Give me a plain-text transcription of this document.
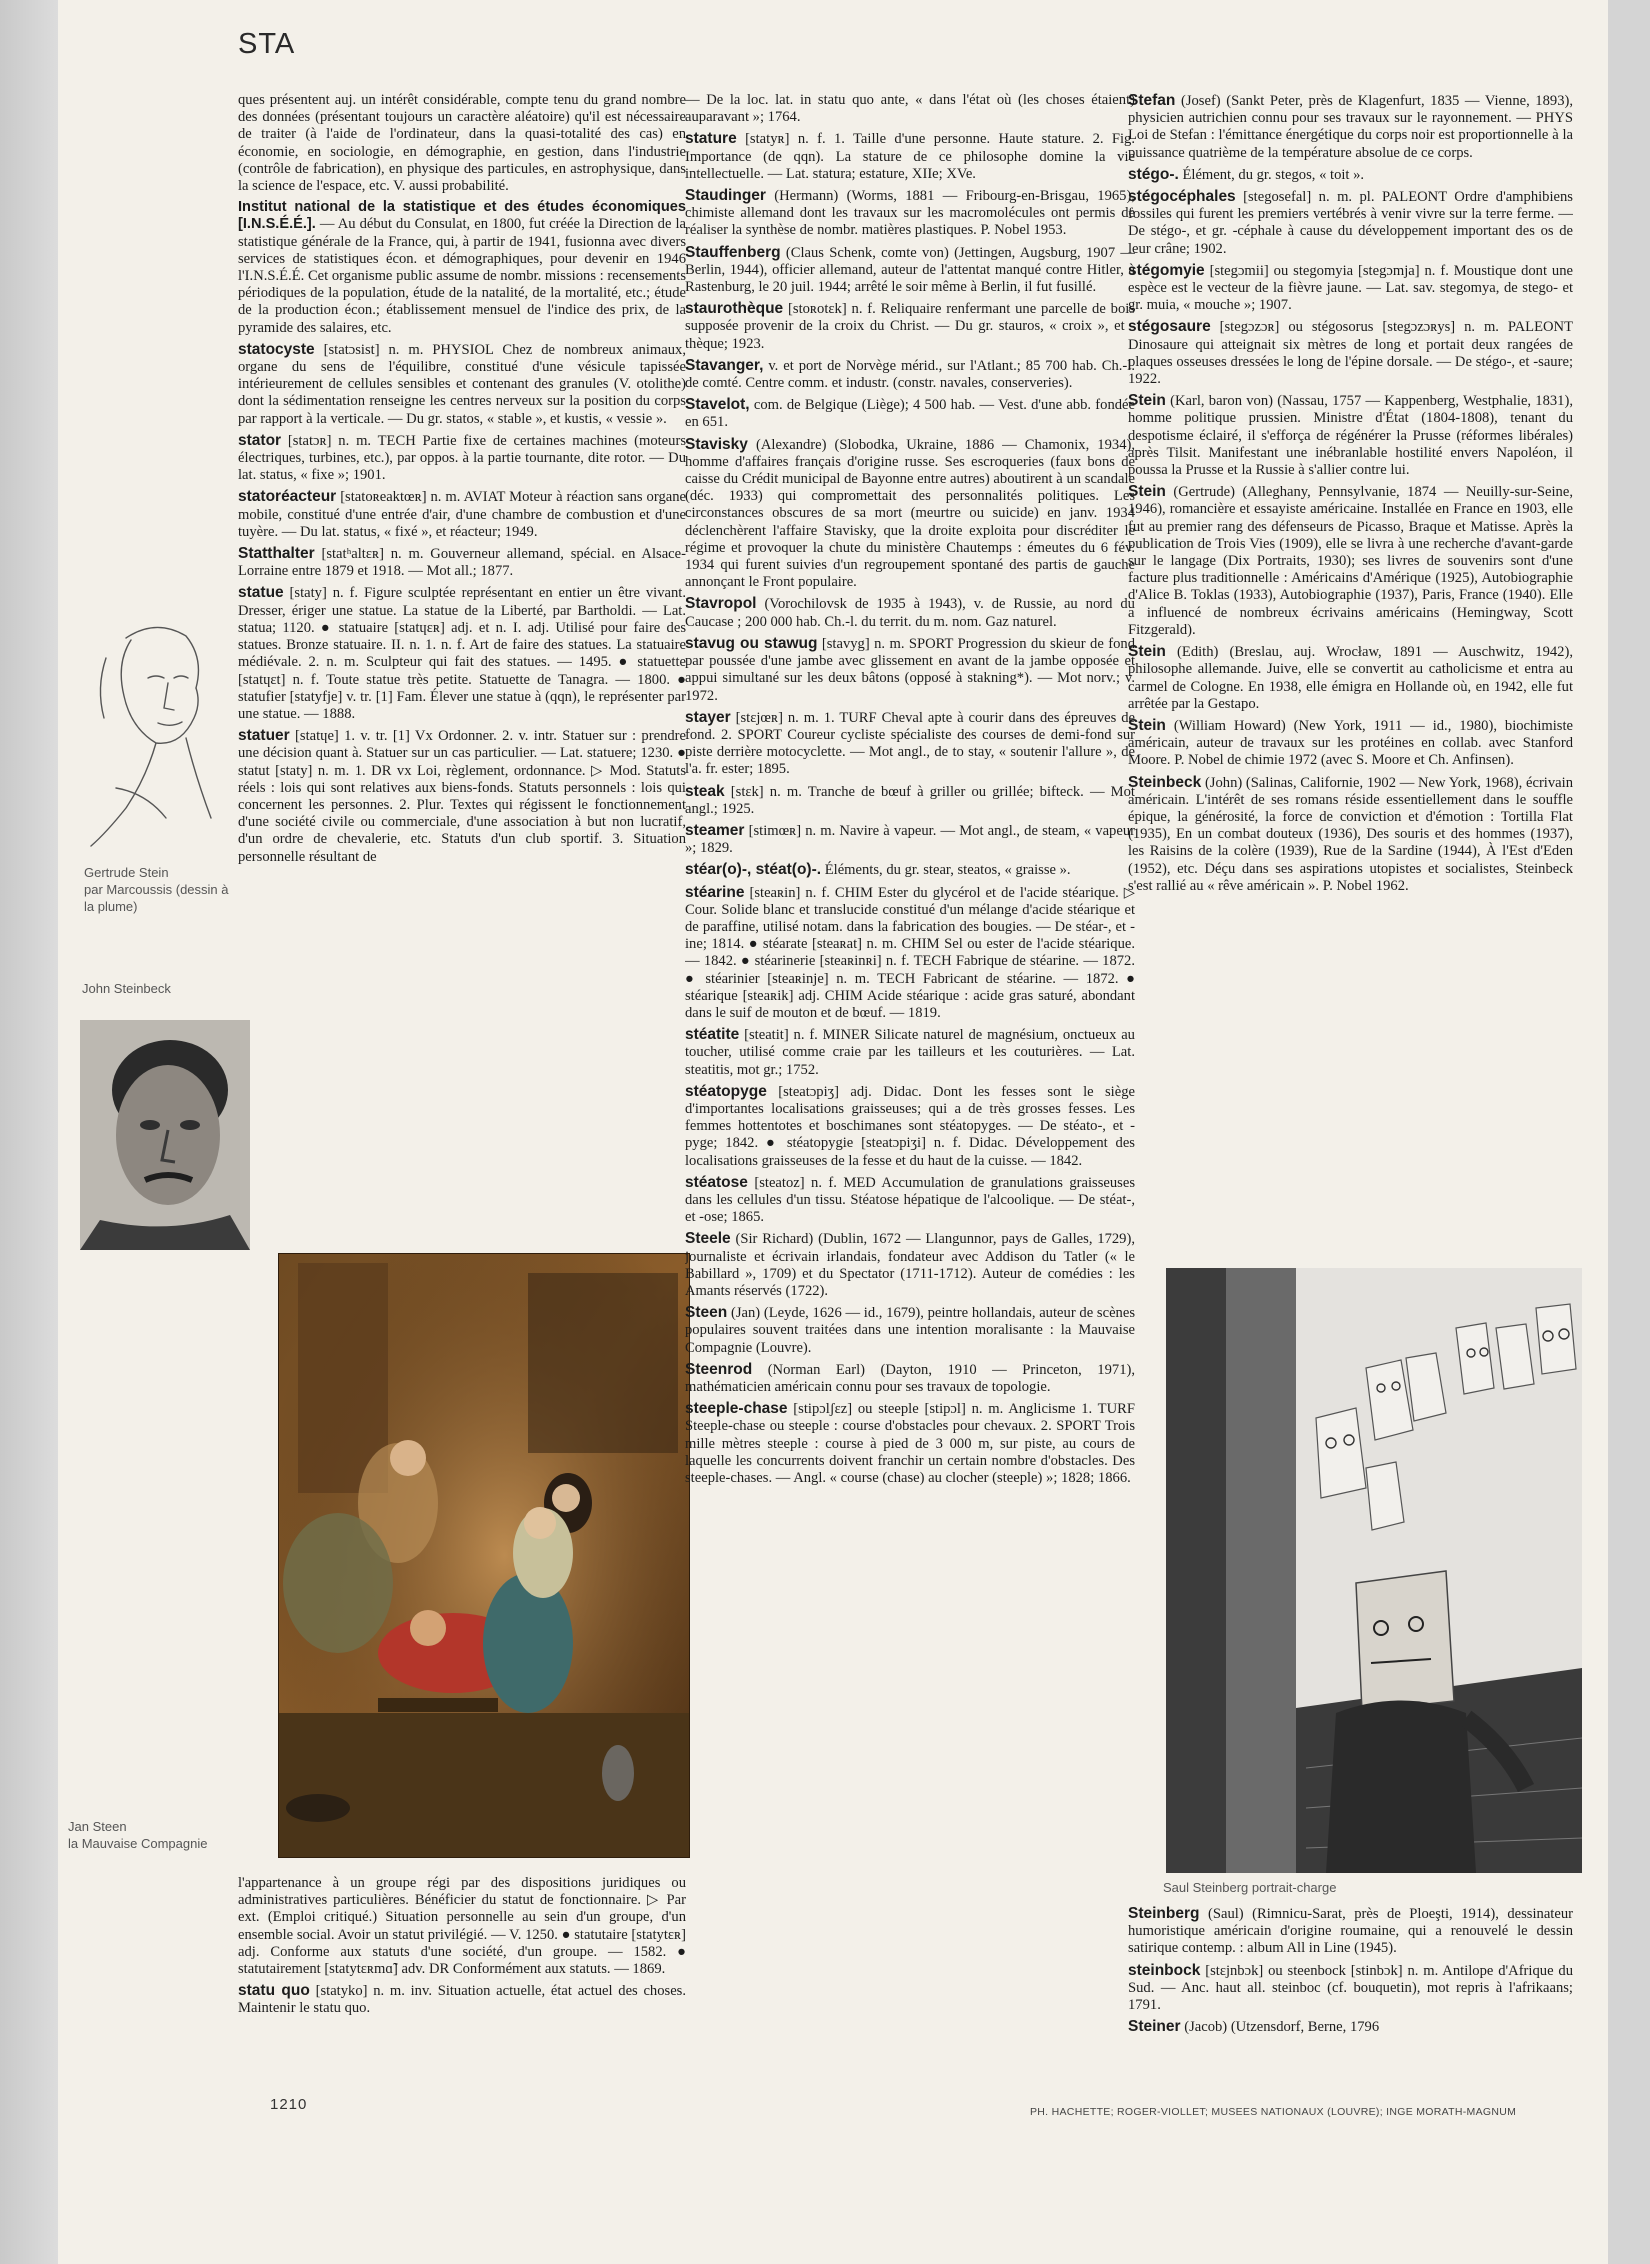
STA

ques présentent auj. un intérêt considérable, compte tenu du grand nombre des données (présentant toujours un caractère aléatoire) qu'il est nécessaire de traiter (à l'aide de l'ordinateur, dans la quasi-totalité des cas) en économie, en sociologie, en démographie, en gestion, dans l'industrie (contrôle de fabrication), en physique des particules, en astrophysique, dans la science de l'espace, etc. V. aussi probabilité.

Institut national de la statistique et des études économiques [I.N.S.É.É.]. — Au début du Consulat, en 1800, fut créée la Direction de la statistique générale de la France, qui, à partir de 1941, fusionna avec divers services de statistiques écon. et démographiques, pour devenir en 1946 l'I.N.S.É.É. Cet organisme public assume de nombr. missions : recensements périodiques de la population, étude de la natalité, de la mortalité, etc.; étude de la production écon.; établissement mensuel de l'indice des prix, de la pyramide des salaires, etc.

statocyste [statɔsist] n. m. PHYSIOL Chez de nombreux animaux, organe du sens de l'équilibre, constitué d'une vésicule tapissée intérieurement de cellules sensibles et contenant des granules (V. otolithe) dont la sédimentation renseigne les centres nerveux sur la position du corps par rapport à la verticale. — Du gr. statos, « stable », et kustis, « vessie ».

stator [statɔʀ] n. m. TECH Partie fixe de certaines machines (moteurs électriques, turbines, etc.), par oppos. à la partie tournante, dite rotor. — Du lat. status, « fixe »; 1901.

statoréacteur [statoʀeaktœʀ] n. m. AVIAT Moteur à réaction sans organe mobile, constitué d'une entrée d'air, d'une chambre de combustion et d'une tuyère. — Du lat. status, « fixé », et réacteur; 1949.

Statthalter [statʰaltɛʀ] n. m. Gouverneur allemand, spécial. en Alsace-Lorraine entre 1879 et 1918. — Mot all.; 1877.

statue [staty] n. f. Figure sculptée représentant en entier un être vivant. Dresser, ériger une statue. La statue de la Liberté, par Bartholdi. — Lat. statua; 1120. ● statuaire [statɥɛʀ] adj. et n. I. adj. Utilisé pour faire des statues. Bronze statuaire. II. n. 1. n. f. Art de faire des statues. La statuaire médiévale. 2. n. m. Sculpteur qui fait des statues. — 1495. ● statuette [statɥɛt] n. f. Toute statue très petite. Statuette de Tanagra. — 1800. ● statufier [statyfje] v. tr. [1] Fam. Élever une statue à (qqn), le représenter par une statue. — 1888.

statuer [statɥe] 1. v. tr. [1] Vx Ordonner. 2. v. intr. Statuer sur : prendre une décision quant à. Statuer sur un cas particulier. — Lat. statuere; 1230. ● statut [staty] n. m. 1. DR vx Loi, règlement, ordonnance. ▷ Mod. Statuts réels : lois qui sont relatives aux biens-fonds. Statuts personnels : lois qui concernent les personnes. 2. Plur. Textes qui régissent le fonctionnement d'une société civile ou commerciale, d'une association à but non lucratif, d'un ordre de chevalerie, etc. Statuts d'un club sportif. 3. Situation personnelle résultant de

l'appartenance à un groupe régi par des dispositions juridiques ou administratives particulières. Bénéficier du statut de fonctionnaire. ▷ Par ext. (Emploi critiqué.) Situation personnelle au sein d'un groupe, d'un ensemble social. Avoir un statut privilégié. — V. 1250. ● statutaire [statytɛʀ] adj. Conforme aux statuts d'une société, d'un groupe. — 1582. ● statutairement [statytɛʀmɑ̃] adv. DR Conformément aux statuts. — 1869.

statu quo [statyko] n. m. inv. Situation actuelle, état actuel des choses. Maintenir le statu quo.

Gertrude Stein
par Marcoussis (dessin à la plume)
John Steinbeck
Jan Steen
la Mauvaise Compagnie

— De la loc. lat. in statu quo ante, « dans l'état où (les choses étaient) auparavant »; 1764.

stature [statyʀ] n. f. 1. Taille d'une personne. Haute stature. 2. Fig. Importance (de qqn). La stature de ce philosophe domine la vie intellectuelle. — Lat. statura; estature, XIIe; XVe.

Staudinger (Hermann) (Worms, 1881 — Fribourg-en-Brisgau, 1965), chimiste allemand dont les travaux sur les macromolécules ont permis de réaliser la synthèse de nombr. matières plastiques. P. Nobel 1953.

Stauffenberg (Claus Schenk, comte von) (Jettingen, Augsburg, 1907 — Berlin, 1944), officier allemand, auteur de l'attentat manqué contre Hitler, à Rastenburg, le 20 juil. 1944; arrêté le soir même à Berlin, il fut fusillé.

staurothèque [stoʀotɛk] n. f. Reliquaire renfermant une parcelle de bois supposée provenir de la croix du Christ. — Du gr. stauros, « croix », et -thèque; 1923.

Stavanger, v. et port de Norvège mérid., sur l'Atlant.; 85 700 hab. Ch.-l. de comté. Centre comm. et industr. (constr. navales, conserveries).

Stavelot, com. de Belgique (Liège); 4 500 hab. — Vest. d'une abb. fondée en 651.

Stavisky (Alexandre) (Slobodka, Ukraine, 1886 — Chamonix, 1934), homme d'affaires français d'origine russe. Ses escroqueries (faux bons de caisse du Crédit municipal de Bayonne entre autres) aboutirent à un scandale (déc. 1933) qui compromettait des personnalités politiques. Les circonstances obscures de sa mort (meurtre ou suicide) en janv. 1934 déclenchèrent l'affaire Stavisky, que la droite exploita pour discréditer le régime et provoquer la chute du ministère Chautemps : émeutes du 6 fév. 1934 qui furent suivies d'un regroupement spontané des partis de gauche annonçant le Front populaire.

Stavropol (Vorochilovsk de 1935 à 1943), v. de Russie, au nord du Caucase ; 200 000 hab. Ch.-l. du territ. du m. nom. Gaz naturel.

stavug ou stawug [stavyg] n. m. SPORT Progression du skieur de fond par poussée d'une jambe avec glissement en avant de la jambe opposée et appui simultané sur les deux bâtons (opposé à stakning*). — Mot norv.; v. 1972.

stayer [stɛjœʀ] n. m. 1. TURF Cheval apte à courir dans des épreuves de fond. 2. SPORT Coureur cycliste spécialiste des courses de demi-fond sur piste derrière motocyclette. — Mot angl., de to stay, « soutenir l'allure », de l'a. fr. ester; 1895.

steak [stɛk] n. m. Tranche de bœuf à griller ou grillée; bifteck. — Mot angl.; 1925.

steamer [stimœʀ] n. m. Navire à vapeur. — Mot angl., de steam, « vapeur »; 1829.

stéar(o)-, stéat(o)-. Éléments, du gr. stear, steatos, « graisse ».

stéarine [steaʀin] n. f. CHIM Ester du glycérol et de l'acide stéarique. ▷ Cour. Solide blanc et translucide constitué d'un mélange d'acide stéarique et de paraffine, utilisé notam. dans la fabrication des bougies. — De stéar-, et -ine; 1814. ● stéarate [steaʀat] n. m. CHIM Sel ou ester de l'acide stéarique. — 1842. ● stéarinerie [steaʀinʀi] n. f. TECH Fabrique de stéarine. — 1872. ● stéarinier [steaʀinje] n. m. TECH Fabricant de stéarine. — 1872. ● stéarique [steaʀik] adj. CHIM Acide stéarique : acide gras saturé, abondant dans le suif de mouton et de bœuf. — 1819.

stéatite [steatit] n. f. MINER Silicate naturel de magnésium, onctueux au toucher, utilisé comme craie par les tailleurs et les couturières. — Lat. steatitis, mot gr.; 1752.

stéatopyge [steatɔpiʒ] adj. Didac. Dont les fesses sont le siège d'importantes localisations graisseuses; qui a de très grosses fesses. Les femmes hottentotes et boschimanes sont stéatopyges. — De stéato-, et -pyge; 1842. ● stéatopygie [steatɔpiʒi] n. f. Didac. Développement des localisations graisseuses de la fesse et du haut de la cuisse. — 1842.

stéatose [steatoz] n. f. MED Accumulation de granulations graisseuses dans les cellules d'un tissu. Stéatose hépatique de l'alcoolique. — De stéat-, et -ose; 1865.

Steele (Sir Richard) (Dublin, 1672 — Llangunnor, pays de Galles, 1729), journaliste et écrivain irlandais, fondateur avec Addison du Tatler (« le Babillard », 1709) et du Spectator (1711-1712). Auteur de comédies : les Amants réservés (1722).

Steen (Jan) (Leyde, 1626 — id., 1679), peintre hollandais, auteur de scènes populaires souvent traitées dans une intention moralisante : la Mauvaise Compagnie (Louvre).

Steenrod (Norman Earl) (Dayton, 1910 — Princeton, 1971), mathématicien américain connu pour ses travaux de topologie.

steeple-chase [stipɔlʃɛz] ou steeple [stipɔl] n. m. Anglicisme 1. TURF Steeple-chase ou steeple : course d'obstacles pour chevaux. 2. SPORT Trois mille mètres steeple : course à pied de 3 000 m, sur piste, au cours de laquelle les concurrents doivent franchir un certain nombre d'obstacles. Des steeple-chases. — Angl. « course (chase) au clocher (steeple) »; 1828; 1866.

Stefan (Josef) (Sankt Peter, près de Klagenfurt, 1835 — Vienne, 1893), physicien autrichien connu pour ses travaux sur le rayonnement. — PHYS Loi de Stefan : l'émittance énergétique du corps noir est proportionnelle à la puissance quatrième de la température absolue de ce corps.

stégo-. Élément, du gr. stegos, « toit ».

stégocéphales [stegosefal] n. m. pl. PALEONT Ordre d'amphibiens fossiles qui furent les premiers vertébrés à venir vivre sur la terre ferme. — De stégo-, et gr. -céphale à cause du développement important des os de leur crâne; 1902.

stégomyie [stegɔmii] ou stegomyia [stegɔmja] n. f. Moustique dont une espèce est le vecteur de la fièvre jaune. — Lat. sav. stegomya, de stego- et gr. muia, « mouche »; 1907.

stégosaure [stegɔzɔʀ] ou stégosorus [stegɔzɔʀys] n. m. PALEONT Dinosaure qui atteignait six mètres de long et portait deux rangées de plaques osseuses dressées le long de l'épine dorsale. — De stégo-, et -saure; 1922.

Stein (Karl, baron von) (Nassau, 1757 — Kappenberg, Westphalie, 1831), homme politique prussien. Ministre d'État (1804-1808), tenant du despotisme éclairé, il s'efforça de régénérer la Prusse (réformes libérales) après Tilsit. Manifestant une inébranlable hostilité envers Napoléon, il poussa la Prusse et la Russie à s'allier contre lui.

Stein (Gertrude) (Alleghany, Pennsylvanie, 1874 — Neuilly-sur-Seine, 1946), romancière et essayiste américaine. Installée en France en 1903, elle fut au premier rang des défenseurs de Picasso, Braque et Matisse. Après la publication de Trois Vies (1909), elle se livra à une recherche d'avant-garde sur le langage (Dix Portraits, 1930); ses livres de souvenirs sont d'une facture plus traditionnelle : Américains d'Amérique (1925), Autobiographie d'Alice B. Toklas (1933), Autobiographie (1937), Paris, France (1940). Elle a influencé de nombreux écrivains américains (Hemingway, Scott Fitzgerald).

Stein (Edith) (Breslau, auj. Wrocław, 1891 — Auschwitz, 1942), philosophe allemande. Juive, elle se convertit au catholicisme et entra au carmel de Cologne. En 1938, elle émigra en Hollande où, en 1942, elle fut arrêtée par la Gestapo.

Stein (William Howard) (New York, 1911 — id., 1980), biochimiste américain, auteur de travaux sur les protéines en collab. avec Stanford Moore. P. Nobel de chimie 1972 (avec S. Moore et Ch. Anfinsen).

Steinbeck (John) (Salinas, Californie, 1902 — New York, 1968), écrivain américain. L'intérêt de ses romans réside essentiellement dans le souffle épique, la générosité, la force de conviction et d'émotion : Tortilla Flat (1935), En un combat douteux (1936), Des souris et des hommes (1937), les Raisins de la colère (1939), Rue de la Sardine (1944), À l'Est d'Eden (1952), etc. Déçu dans ses aspirations utopistes et socialistes, Steinbeck s'est rallié au « rêve américain ». P. Nobel 1962.

Saul Steinberg portrait-charge

Steinberg (Saul) (Rimnicu-Sarat, près de Ploeşti, 1914), dessinateur humoristique américain d'origine roumaine, qui a renouvelé le dessin satirique contemp. : album All in Line (1945).

steinbock [stɛjnbɔk] ou steenbock [stinbɔk] n. m. Antilope d'Afrique du Sud. — Anc. haut all. steinboc (cf. bouquetin), mot repris à l'afrikaans; 1791.

Steiner (Jacob) (Utzensdorf, Berne, 1796

1210	PH. HACHETTE; ROGER-VIOLLET; MUSEES NATIONAUX (LOUVRE); INGE MORATH-MAGNUM
